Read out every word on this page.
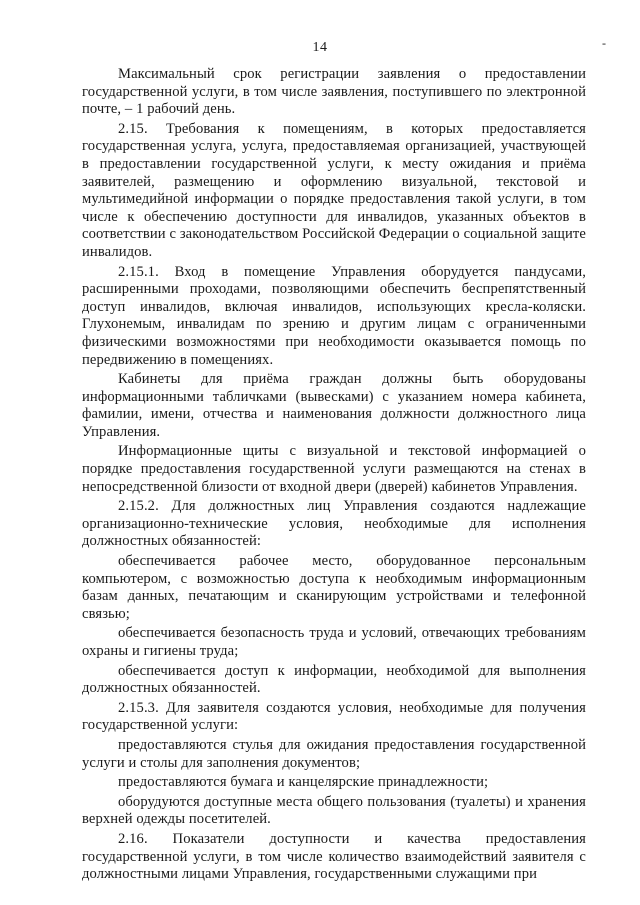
14	-

Максимальный срок регистрации заявления о предоставлении государственной услуги, в том числе заявления, поступившего по электронной почте, – 1 рабочий день.

2.15. Требования к помещениям, в которых предоставляется государственная услуга, услуга, предоставляемая организацией, участвующей в предоставлении государственной услуги, к месту ожидания и приёма заявителей, размещению и оформлению визуальной, текстовой и мультимедийной информации о порядке предоставления такой услуги, в том числе к обеспечению доступности для инвалидов, указанных объектов в соответствии с законодательством Российской Федерации о социальной защите инвалидов.

2.15.1. Вход в помещение Управления оборудуется пандусами, расширенными проходами, позволяющими обеспечить беспрепятственный доступ инвалидов, включая инвалидов, использующих кресла-коляски. Глухонемым, инвалидам по зрению и другим лицам с ограниченными физическими возможностями при необходимости оказывается помощь по передвижению в помещениях.

Кабинеты для приёма граждан должны быть оборудованы информационными табличками (вывесками) с указанием номера кабинета, фамилии, имени, отчества и наименования должности должностного лица Управления.

Информационные щиты с визуальной и текстовой информацией о порядке предоставления государственной услуги размещаются на стенах в непосредственной близости от входной двери (дверей) кабинетов Управления.

2.15.2. Для должностных лиц Управления создаются надлежащие организационно-технические условия, необходимые для исполнения должностных обязанностей:

обеспечивается рабочее место, оборудованное персональным компьютером, с возможностью доступа к необходимым информационным базам данных, печатающим и сканирующим устройствами и телефонной связью;

обеспечивается безопасность труда и условий, отвечающих требованиям охраны и гигиены труда;

обеспечивается доступ к информации, необходимой для выполнения должностных обязанностей.

2.15.3. Для заявителя создаются условия, необходимые для получения государственной услуги:

предоставляются стулья для ожидания предоставления государственной услуги и столы для заполнения документов;

предоставляются бумага и канцелярские принадлежности;

оборудуются доступные места общего пользования (туалеты) и хранения верхней одежды посетителей.

2.16. Показатели доступности и качества предоставления государственной услуги, в том числе количество взаимодействий заявителя с должностными лицами Управления, государственными служащими при
